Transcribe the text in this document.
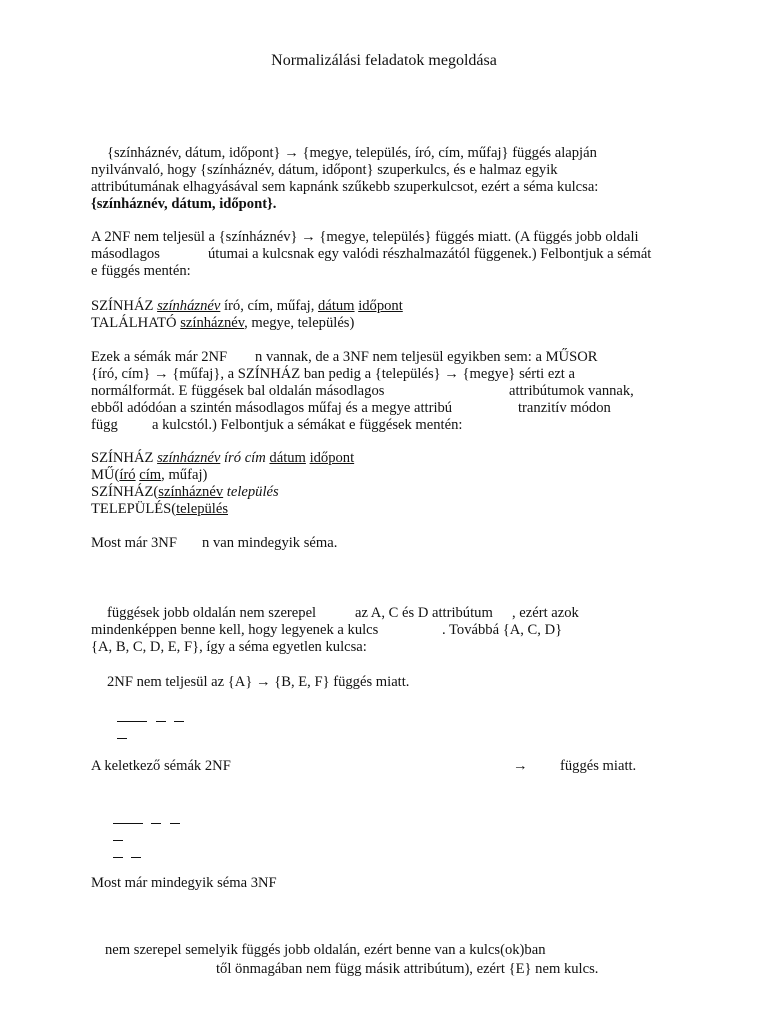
Normalizálási feladatok megoldása
{színháznév, dátum, időpont} → {megye, település, író, cím, műfaj} függés alapján
nyilvánvaló, hogy {színháznév, dátum, időpont} szuperkulcs, és e halmaz egyik
attribútumának elhagyásával sem kapnánk szűkebb szuperkulcsot, ezért a séma kulcsa:
{színháznév, dátum, időpont}.
A 2NF nem teljesül a {színháznév} → {megye, település} függés miatt. (A függés jobb oldali
másodlagos	útumai a kulcsnak egy valódi részhalmazától függenek.) Felbontjuk a sémát
e függés mentén:
SZÍNHÁZ színháznév író, cím, műfaj, dátum időpont
TALÁLHATÓ színháznév, megye, település)
Ezek a sémák már 2NF n vannak, de a 3NF nem teljesül egyikben sem: a MŰSOR
{író, cím} → {műfaj}, a SZÍNHÁZ ban pedig a {település} → {megye} sérti ezt a
normálformát. E függések bal oldalán másodlagos	attribútumok vannak,
ebből adódóan a szintén másodlagos műfaj és a megye attribú	tranzitív módon
függ a kulcstól.) Felbontjuk a sémákat e függések mentén:
SZÍNHÁZ színháznév író cím dátum időpont
MŰ(író cím, műfaj)
SZÍNHÁZ(színháznév település
TELEPÜLÉS(település
Most már 3NF n van mindegyik séma.
függések jobb oldalán nem szerepel	az A, C és D attribútum , ezért azok
mindenképpen benne kell, hogy legyenek a kulcs	. Továbbá {A, C, D}
{A, B, C, D, E, F}, így a séma egyetlen kulcsa:
2NF nem teljesül az {A} → {B, E, F} függés miatt.
A keletkező sémák 2NF	→ függés miatt.
Most már mindegyik séma 3NF
nem szerepel semelyik függés jobb oldalán, ezért benne van a kulcs(ok)ban
től önmagában nem függ másik attribútum), ezért {E} nem kulcs.
